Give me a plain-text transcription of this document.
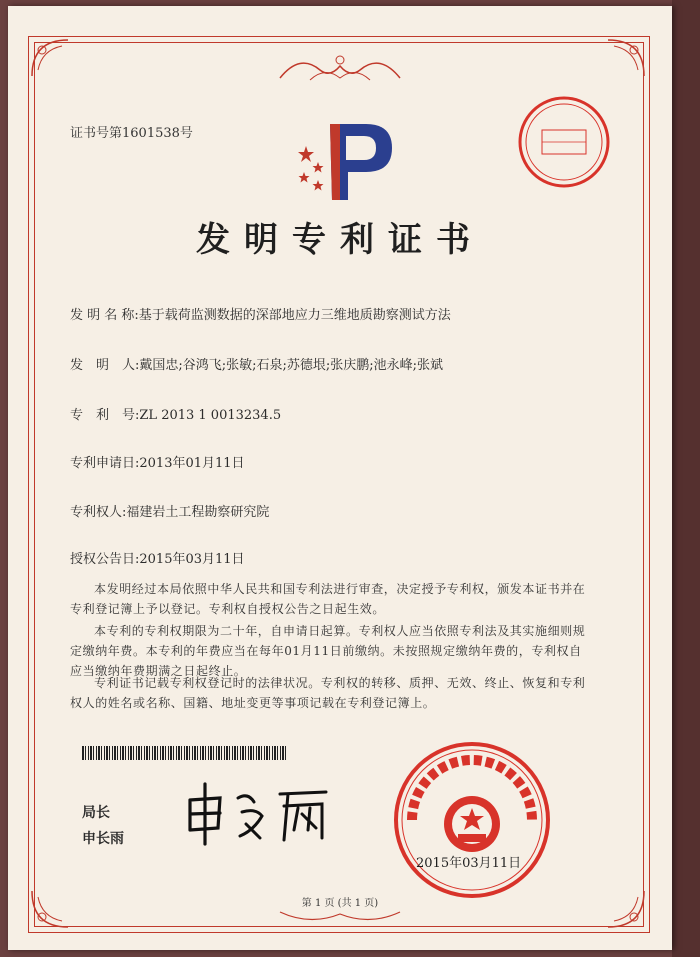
证书号第1601538号
发明专利证书
发 明 名 称:基于载荷监测数据的深部地应力三维地质勘察测试方法
发　明　人:戴国忠;谷鸿飞;张敏;石泉;苏德垠;张庆鹏;池永峰;张斌
专　利　号:ZL 2013 1 0013234.5
专利申请日:2013年01月11日
专利权人:福建岩土工程勘察研究院
授权公告日:2015年03月11日
本发明经过本局依照中华人民共和国专利法进行审查，决定授予专利权，颁发本证书并在专利登记簿上予以登记。专利权自授权公告之日起生效。
本专利的专利权期限为二十年，自申请日起算。专利权人应当依照专利法及其实施细则规定缴纳年费。本专利的年费应当在每年01月11日前缴纳。未按照规定缴纳年费的，专利权自应当缴纳年费期满之日起终止。
专利证书记载专利权登记时的法律状况。专利权的转移、质押、无效、终止、恢复和专利权人的姓名或名称、国籍、地址变更等事项记载在专利登记簿上。
局长
申长雨
2015年03月11日
第 1 页 (共 1 页)
